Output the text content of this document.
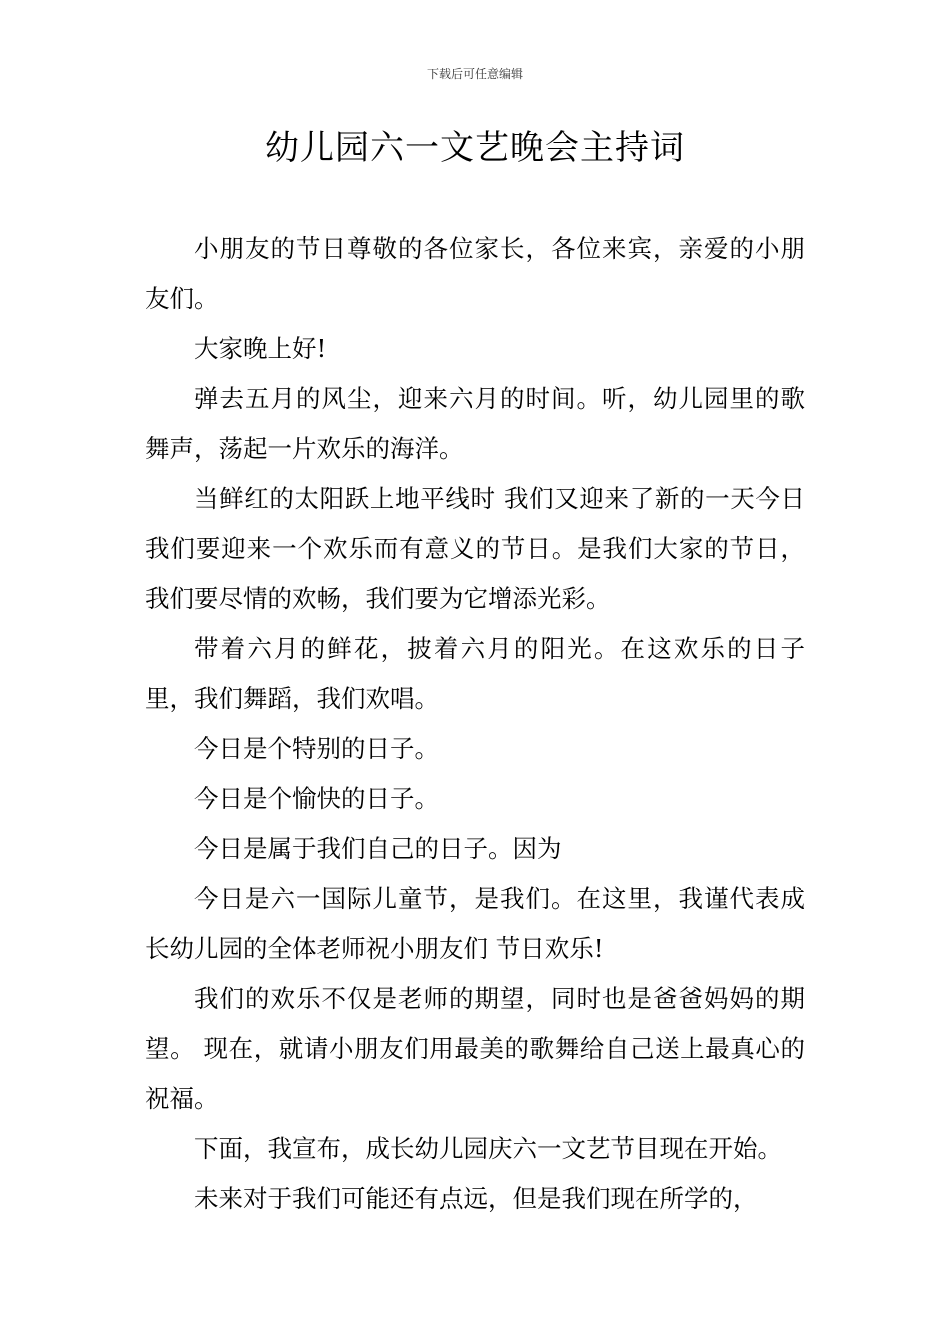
下载后可任意编辑
幼儿园六一文艺晚会主持词

小朋友的节日尊敬的各位家长，各位来宾，亲爱的小朋友们。

大家晚上好!

弹去五月的风尘，迎来六月的时间。听，幼儿园里的歌舞声，荡起一片欢乐的海洋。

当鲜红的太阳跃上地平线时 我们又迎来了新的一天今日我们要迎来一个欢乐而有意义的节日。是我们大家的节日，我们要尽情的欢畅，我们要为它增添光彩。

带着六月的鲜花，披着六月的阳光。在这欢乐的日子里，我们舞蹈，我们欢唱。

今日是个特别的日子。

今日是个愉快的日子。

今日是属于我们自己的日子。因为

今日是六一国际儿童节，是我们。在这里，我谨代表成长幼儿园的全体老师祝小朋友们 节日欢乐!

我们的欢乐不仅是老师的期望，同时也是爸爸妈妈的期望。 现在，就请小朋友们用最美的歌舞给自己送上最真心的祝福。

下面，我宣布，成长幼儿园庆六一文艺节目现在开始。

未来对于我们可能还有点远，但是我们现在所学的，
